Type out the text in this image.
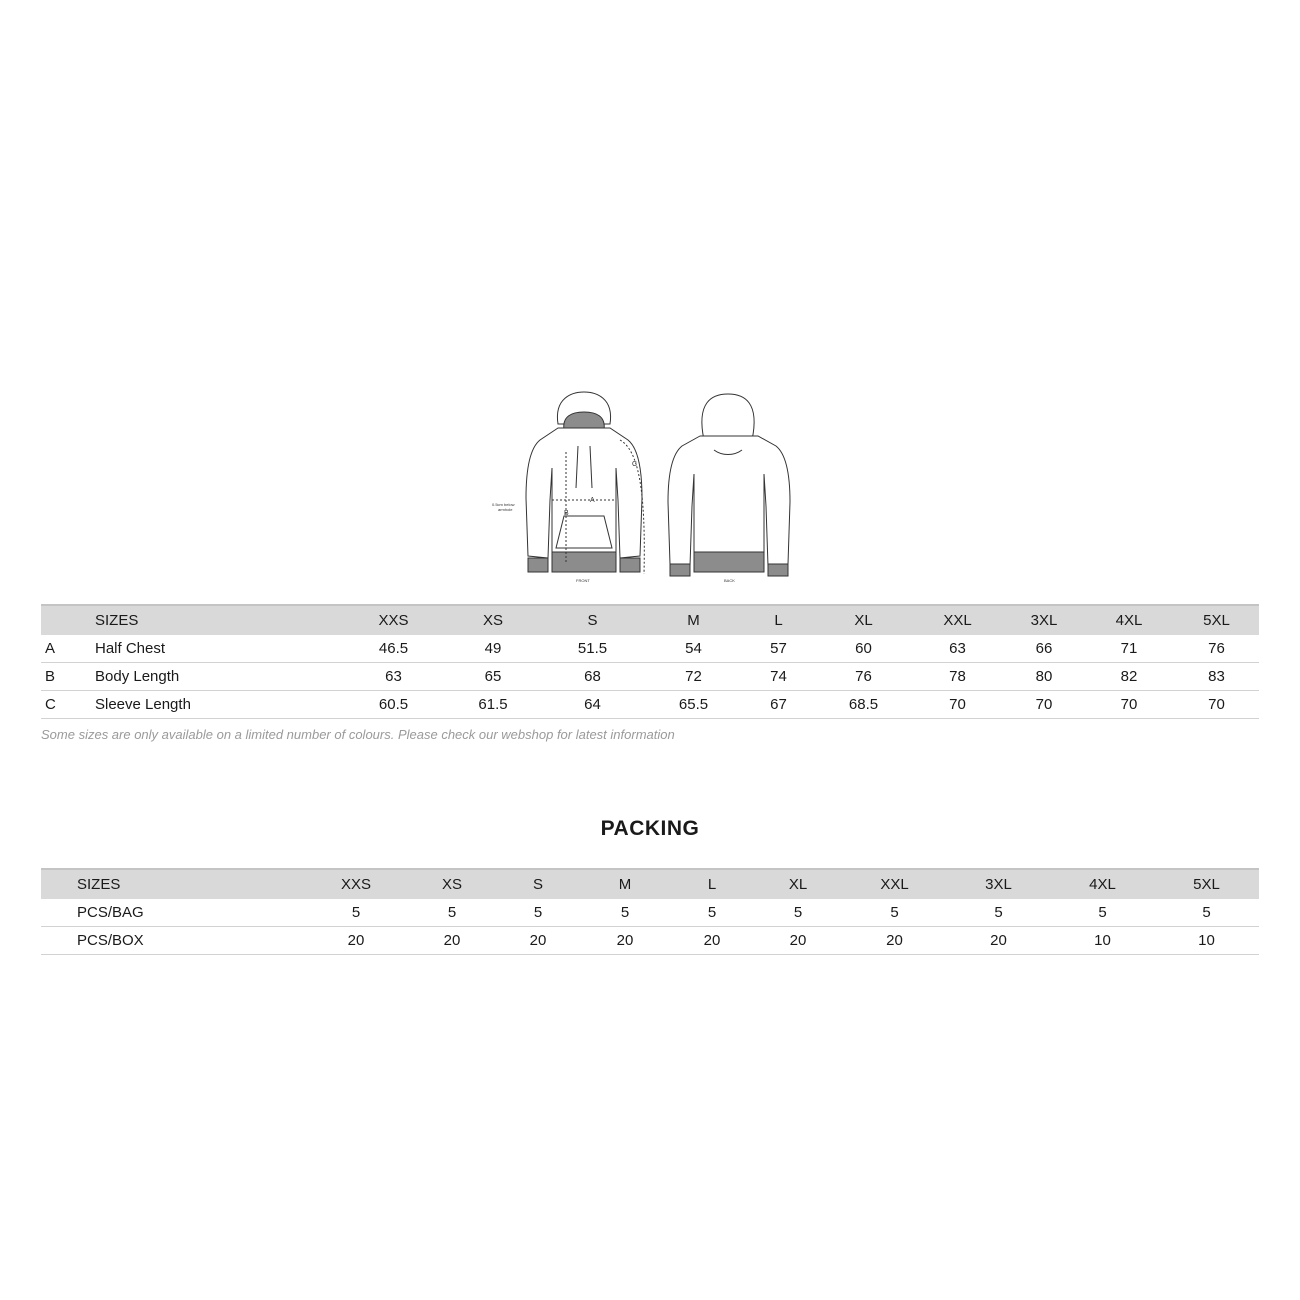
A
B
C
0.5cm below
armhole
FRONT	BACK
	SIZES	XXS	XS	S	M	L	XL	XXL	3XL	4XL	5XL
A	Half Chest	46.5	49	51.5	54	57	60	63	66	71	76
B	Body Length	63	65	68	72	74	76	78	80	82	83
C	Sleeve Length	60.5	61.5	64	65.5	67	68.5	70	70	70	70
Some sizes are only available on a limited number of colours. Please check our webshop for latest information
PACKING
	SIZES	XXS	XS	S	M	L	XL	XXL	3XL	4XL	5XL
	PCS/BAG	5	5	5	5	5	5	5	5	5	5
	PCS/BOX	20	20	20	20	20	20	20	20	10	10
